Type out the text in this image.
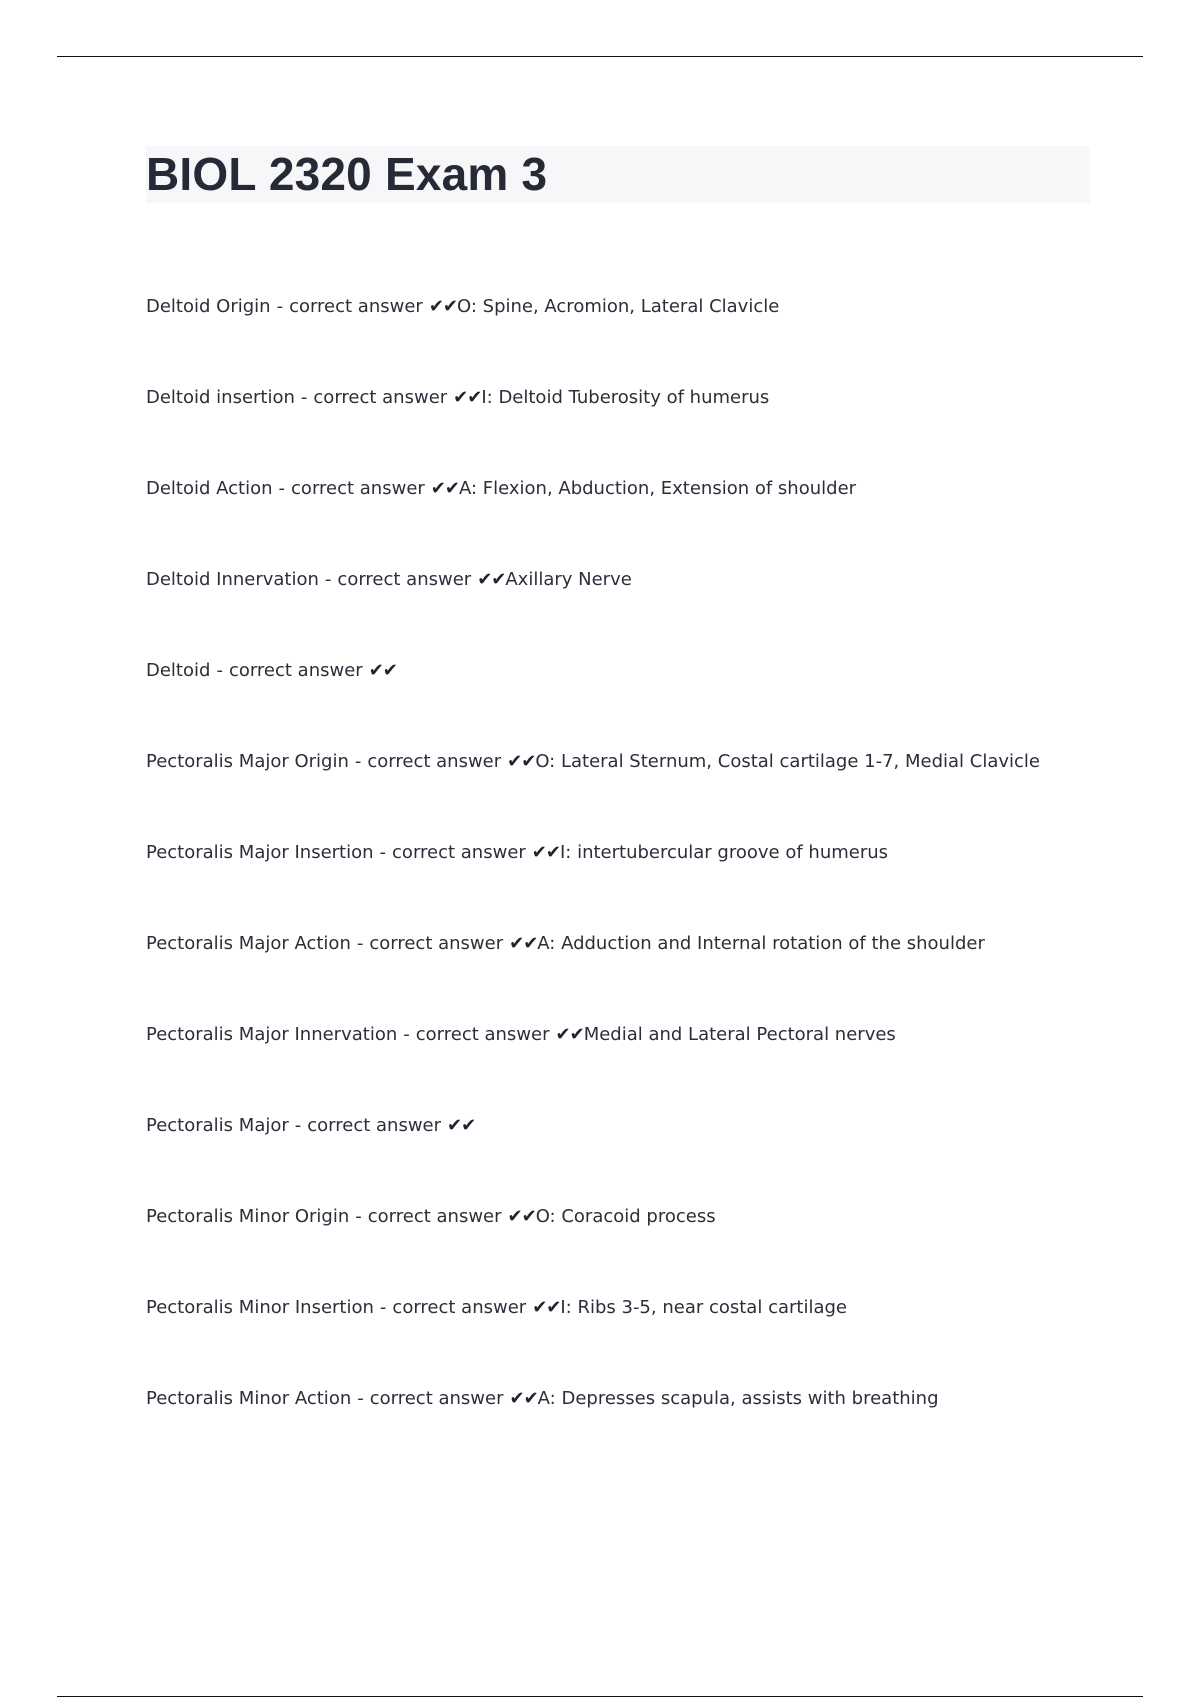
BIOL 2320 Exam 3
Deltoid Origin - correct answer ✔✔ O: Spine, Acromion, Lateral Clavicle
Deltoid insertion - correct answer ✔✔ I: Deltoid Tuberosity of humerus
Deltoid Action - correct answer ✔✔ A: Flexion, Abduction, Extension of shoulder
Deltoid Innervation - correct answer ✔✔ Axillary Nerve
Deltoid - correct answer ✔✔
Pectoralis Major Origin - correct answer ✔✔ O: Lateral Sternum, Costal cartilage 1-7, Medial Clavicle
Pectoralis Major Insertion - correct answer ✔✔ I: intertubercular groove of humerus
Pectoralis Major Action - correct answer ✔✔ A: Adduction and Internal rotation of the shoulder
Pectoralis Major Innervation - correct answer ✔✔ Medial and Lateral Pectoral nerves
Pectoralis Major - correct answer ✔✔
Pectoralis Minor Origin - correct answer ✔✔ O: Coracoid process
Pectoralis Minor Insertion - correct answer ✔✔ I: Ribs 3-5, near costal cartilage
Pectoralis Minor Action - correct answer ✔✔ A: Depresses scapula, assists with breathing
